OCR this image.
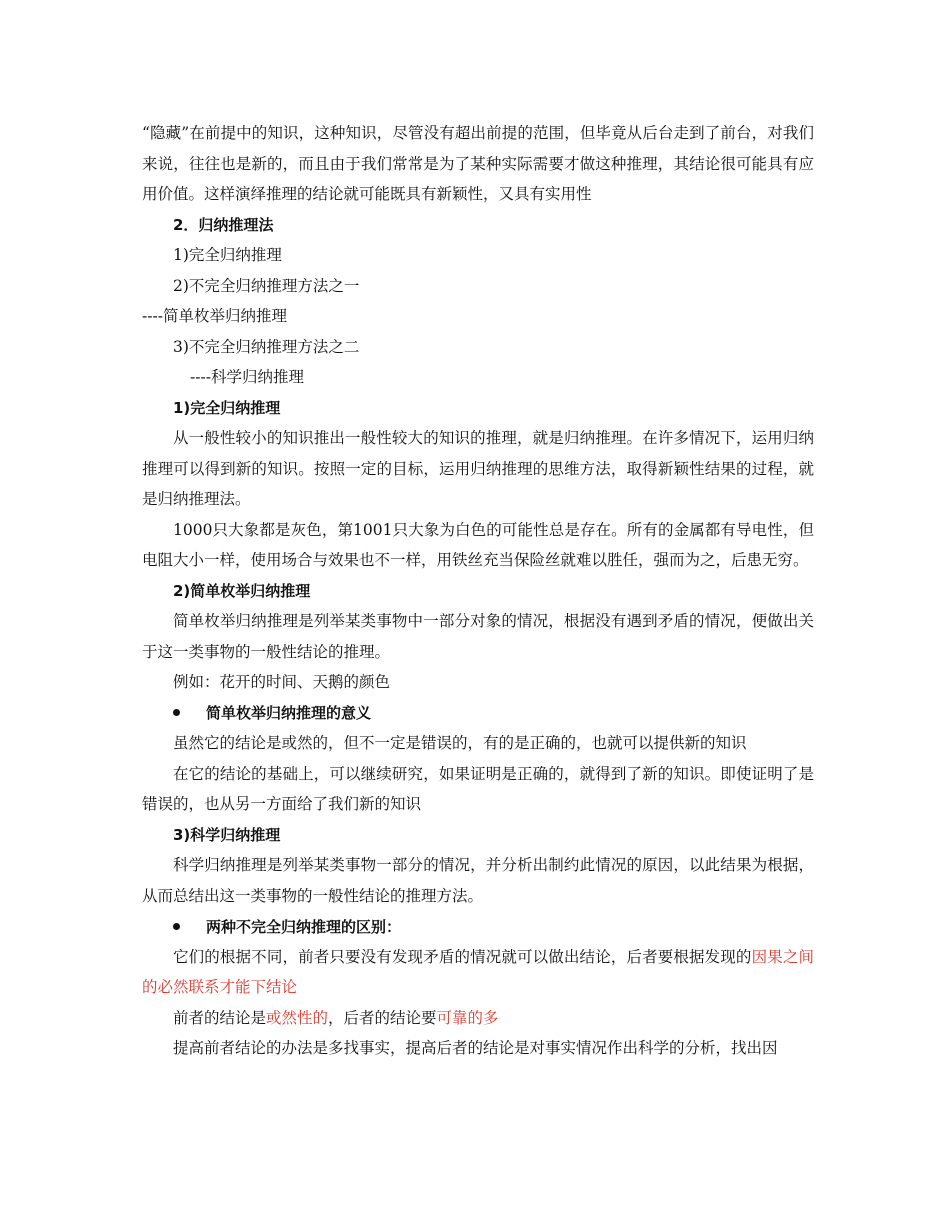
“隐藏”在前提中的知识，这种知识，尽管没有超出前提的范围，但毕竟从后台走到了前台，对我们来说，往往也是新的，而且由于我们常常是为了某种实际需要才做这种推理，其结论很可能具有应用价值。这样演绎推理的结论就可能既具有新颖性，又具有实用性

2．归纳推理法

1)完全归纳推理

2)不完全归纳推理方法之一

----简单枚举归纳推理

3)不完全归纳推理方法之二

----科学归纳推理

1)完全归纳推理

从一般性较小的知识推出一般性较大的知识的推理，就是归纳推理。在许多情况下，运用归纳推理可以得到新的知识。按照一定的目标，运用归纳推理的思维方法，取得新颖性结果的过程，就是归纳推理法。

1000只大象都是灰色，第1001只大象为白色的可能性总是存在。所有的金属都有导电性，但电阻大小一样，使用场合与效果也不一样，用铁丝充当保险丝就难以胜任，强而为之，后患无穷。

2)简单枚举归纳推理

简单枚举归纳推理是列举某类事物中一部分对象的情况，根据没有遇到矛盾的情况，便做出关于这一类事物的一般性结论的推理。

例如：花开的时间、天鹅的颜色

简单枚举归纳推理的意义

虽然它的结论是或然的，但不一定是错误的，有的是正确的，也就可以提供新的知识

在它的结论的基础上，可以继续研究，如果证明是正确的，就得到了新的知识。即使证明了是错误的，也从另一方面给了我们新的知识

3)科学归纳推理

科学归纳推理是列举某类事物一部分的情况，并分析出制约此情况的原因，以此结果为根据，从而总结出这一类事物的一般性结论的推理方法。

两种不完全归纳推理的区别：

它们的根据不同，前者只要没有发现矛盾的情况就可以做出结论，后者要根据发现的因果之间的必然联系才能下结论

前者的结论是或然性的，后者的结论要可靠的多

提高前者结论的办法是多找事实，提高后者的结论是对事实情况作出科学的分析，找出因
